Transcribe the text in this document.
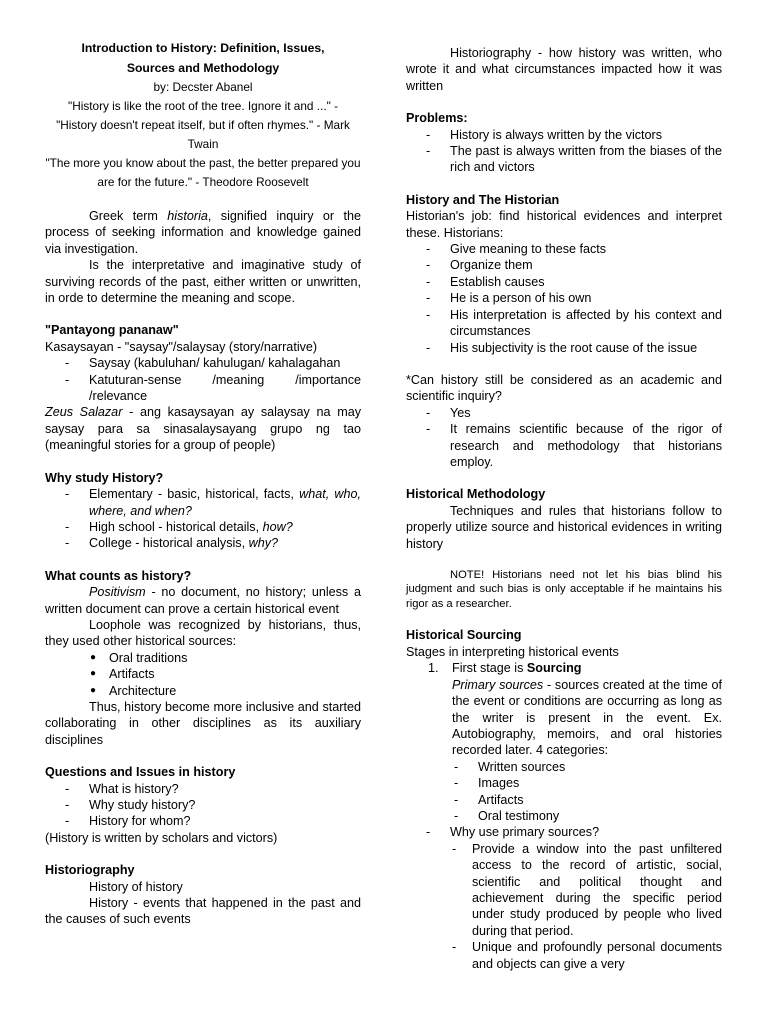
Introduction to History: Definition, Issues,
Sources and Methodology

by: Decster Abanel

"History is like the root of the tree. Ignore it and ..." -

"History doesn't repeat itself, but if often rhymes." - Mark Twain

"The more you know about the past, the better prepared you are for the future." - Theodore Roosevelt

Greek term historia, signified inquiry or the process of seeking information and knowledge gained via investigation.

Is the interpretative and imaginative study of surviving records of the past, either written or unwritten, in orde to determine the meaning and scope.

"Pantayong pananaw"

Kasaysayan - "saysay"/salaysay (story/narrative)

- Saysay (kabuluhan/ kahulugan/ kahalagahan
- Katuturan-sense /meaning /importance /relevance

Zeus Salazar - ang kasaysayan ay salaysay na may saysay para sa sinasalaysayang grupo ng tao (meaningful stories for a group of people)

Why study History?

- Elementary - basic, historical, facts, what, who, where, and when?
- High school - historical details, how?
- College - historical analysis, why?

What counts as history?

Positivism - no document, no history; unless a written document can prove a certain historical event

Loophole was recognized by historians, thus, they used other historical sources:

● Oral traditions
● Artifacts
● Architecture

Thus, history become more inclusive and started collaborating in other disciplines as its auxiliary disciplines

Questions and Issues in history

- What is history?
- Why study history?
- History for whom?

(History is written by scholars and victors)

Historiography

History of history

History - events that happened in the past and the causes of such events

Historiography - how history was written, who wrote it and what circumstances impacted how it was written

Problems:

- History is always written by the victors
- The past is always written from the biases of the rich and victors

History and The Historian

Historian's job: find historical evidences and interpret these. Historians:

- Give meaning to these facts
- Organize them
- Establish causes
- He is a person of his own
- His interpretation is affected by his context and circumstances
- His subjectivity is the root cause of the issue

*Can history still be considered as an academic and scientific inquiry?

- Yes
- It remains scientific because of the rigor of research and methodology that historians employ.

Historical Methodology

Techniques and rules that historians follow to properly utilize source and historical evidences in writing history

NOTE! Historians need not let his bias blind his judgment and such bias is only acceptable if he maintains his rigor as a researcher.

Historical Sourcing

Stages in interpreting historical events

1. First stage is Sourcing

Primary sources - sources created at the time of the event or conditions are occurring as long as the writer is present in the event. Ex. Autobiography, memoirs, and oral histories recorded later. 4 categories:

- Written sources
- Images
- Artifacts
- Oral testimony
- Why use primary sources?
- Provide a window into the past unfiltered access to the record of artistic, social, scientific and political thought and achievement during the specific period under study produced by people who lived during that period.
- Unique and profoundly personal documents and objects can give a very
